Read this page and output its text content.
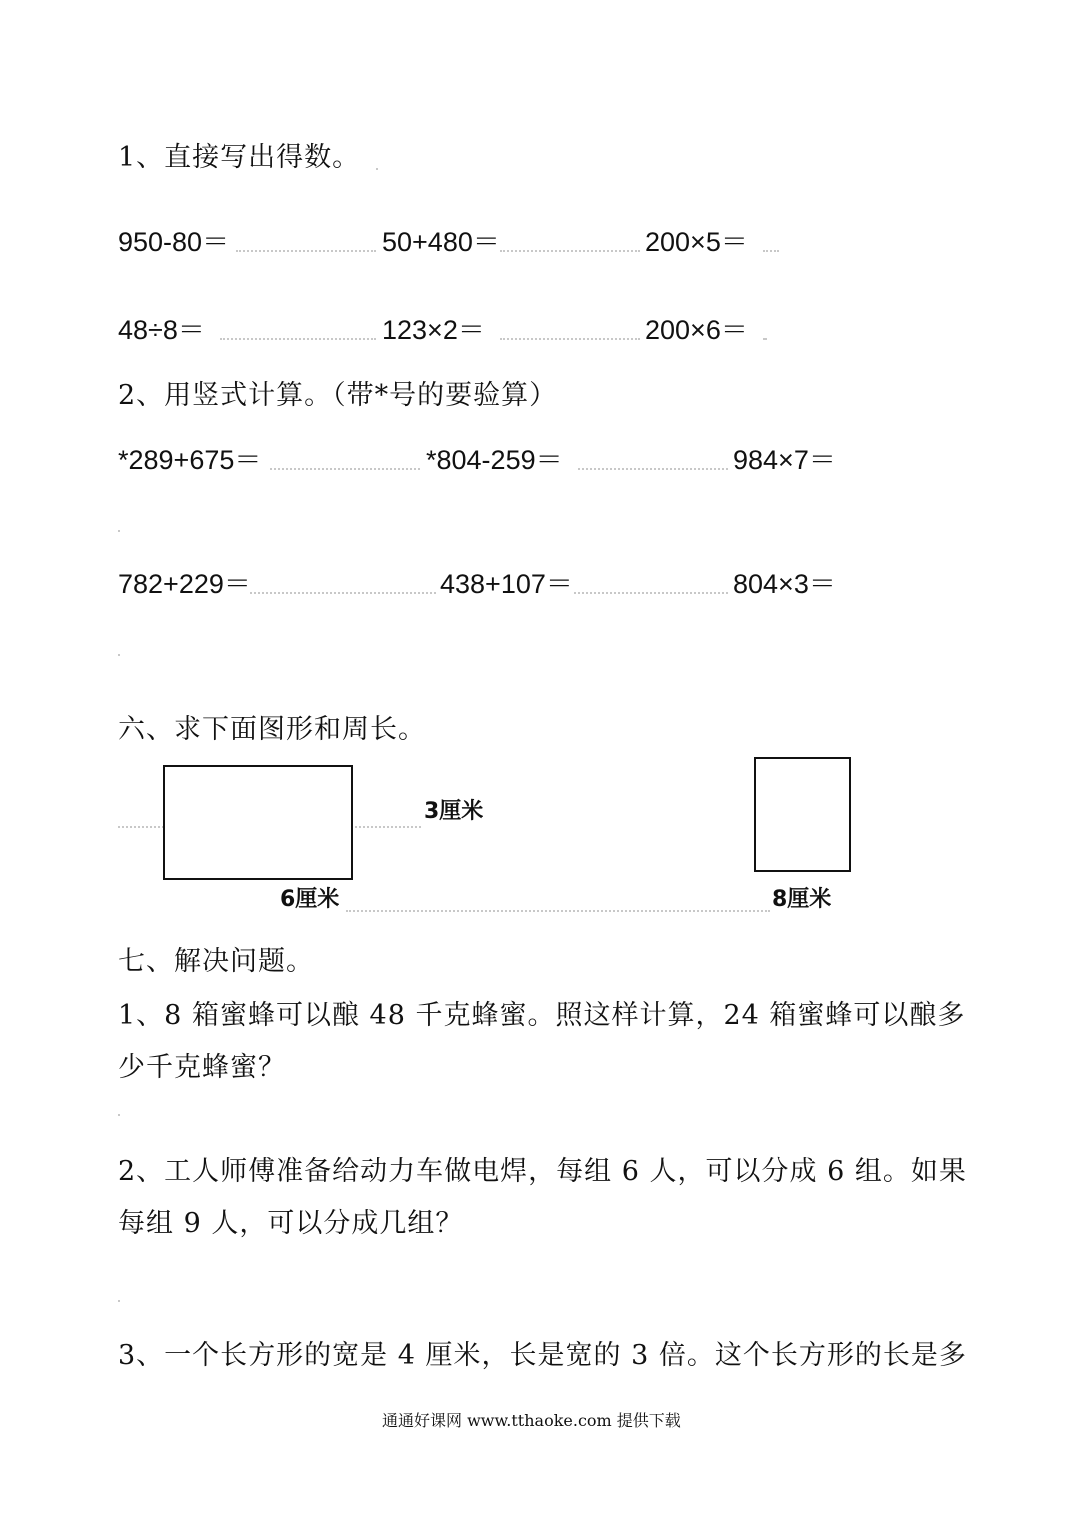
1、直接写出得数。
950-80＝	50+480＝	200×5＝
48÷8＝	123×2＝	200×6＝
2、用竖式计算。（带*号的要验算）
*289+675＝	*804-259＝	984×7＝
782+229＝	438+107＝	804×3＝
六、求下面图形和周长。
3厘米
6厘米	8厘米
七、解决问题。
1、8 箱蜜蜂可以酿 48 千克蜂蜜。照这样计算，24 箱蜜蜂可以酿多
少千克蜂蜜？
2、工人师傅准备给动力车做电焊，每组 6 人，可以分成 6 组。如果
每组 9 人，可以分成几组？
3、一个长方形的宽是 4 厘米，长是宽的 3 倍。这个长方形的长是多
通通好课网 www.tthaoke.com 提供下载
